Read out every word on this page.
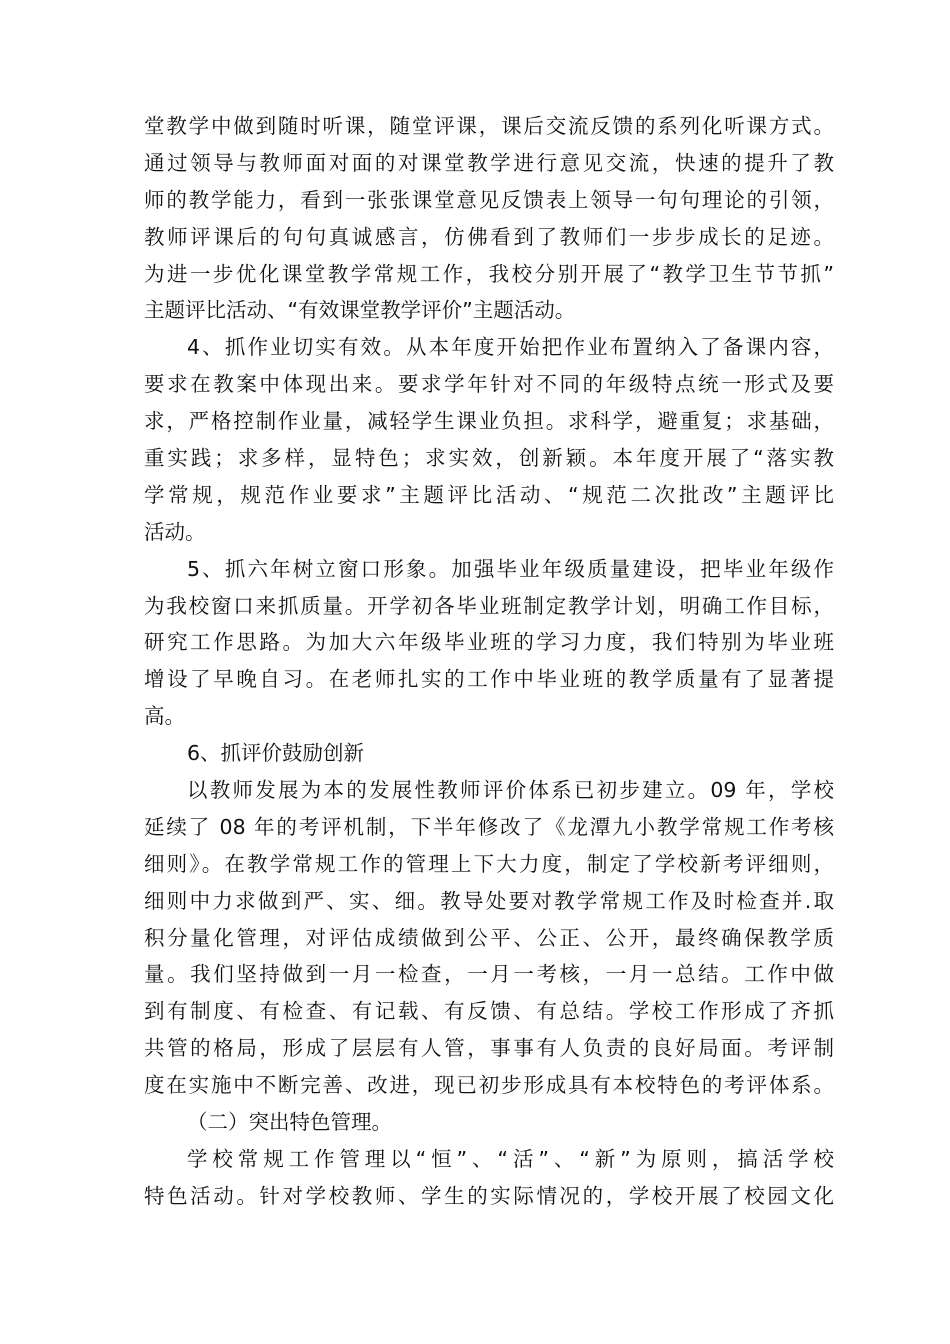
堂教学中做到随时听课，随堂评课，课后交流反馈的系列化听课方式。
通过领导与教师面对面的对课堂教学进行意见交流，快速的提升了教
师的教学能力，看到一张张课堂意见反馈表上领导一句句理论的引领，
教师评课后的句句真诚感言，仿佛看到了教师们一步步成长的足迹。
为进一步优化课堂教学常规工作，我校分别开展了“教学卫生节节抓”
主题评比活动、“有效课堂教学评价”主题活动。
4、抓作业切实有效。从本年度开始把作业布置纳入了备课内容，
要求在教案中体现出来。要求学年针对不同的年级特点统一形式及要
求，严格控制作业量，减轻学生课业负担。求科学，避重复；求基础，
重实践；求多样，显特色；求实效，创新颖。本年度开展了“落实教
学常规，规范作业要求”主题评比活动、“规范二次批改”主题评比
活动。
5、抓六年树立窗口形象。加强毕业年级质量建设，把毕业年级作
为我校窗口来抓质量。开学初各毕业班制定教学计划，明确工作目标，
研究工作思路。为加大六年级毕业班的学习力度，我们特别为毕业班
增设了早晚自习。在老师扎实的工作中毕业班的教学质量有了显著提
高。
6、抓评价鼓励创新
以教师发展为本的发展性教师评价体系已初步建立。09 年，学校
延续了 08 年的考评机制，下半年修改了《龙潭九小教学常规工作考核
细则》。在教学常规工作的管理上下大力度，制定了学校新考评细则，
细则中力求做到严、实、细。教导处要对教学常规工作及时检查并.取
积分量化管理，对评估成绩做到公平、公正、公开，最终确保教学质
量。我们坚持做到一月一检查，一月一考核，一月一总结。工作中做
到有制度、有检查、有记载、有反馈、有总结。学校工作形成了齐抓
共管的格局，形成了层层有人管，事事有人负责的良好局面。考评制
度在实施中不断完善、改进，现已初步形成具有本校特色的考评体系。
（二）突出特色管理。
学校常规工作管理以“恒”、“活”、“新”为原则，搞活学校
特色活动。针对学校教师、学生的实际情况的，学校开展了校园文化
